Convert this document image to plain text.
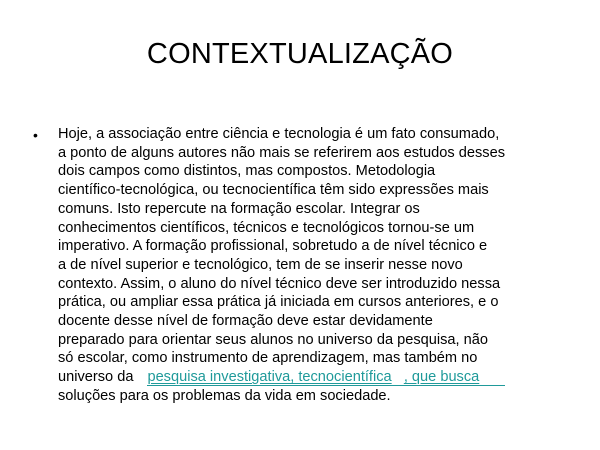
CONTEXTUALIZAÇÃO
• Hoje, a associação entre ciência e tecnologia é um fato consumado,
a ponto de alguns autores não mais se referirem aos estudos desses
dois campos como distintos, mas compostos. Metodologia
científico-tecnológica, ou tecnocientífica têm sido expressões mais
comuns. Isto repercute na formação escolar. Integrar os
conhecimentos científicos, técnicos e tecnológicos tornou-se um
imperativo. A formação profissional, sobretudo a de nível técnico e
a de nível superior e tecnológico, tem de se inserir nesse novo
contexto. Assim, o aluno do nível técnico deve ser introduzido nessa
prática, ou ampliar essa prática já iniciada em cursos anteriores, e o
docente desse nível de formação deve estar devidamente
preparado para orientar seus alunos no universo da pesquisa, não
só escolar, como instrumento de aprendizagem, mas também no
universo da pesquisa investigativa, tecnocientífica , que busca
soluções para os problemas da vida em sociedade.
